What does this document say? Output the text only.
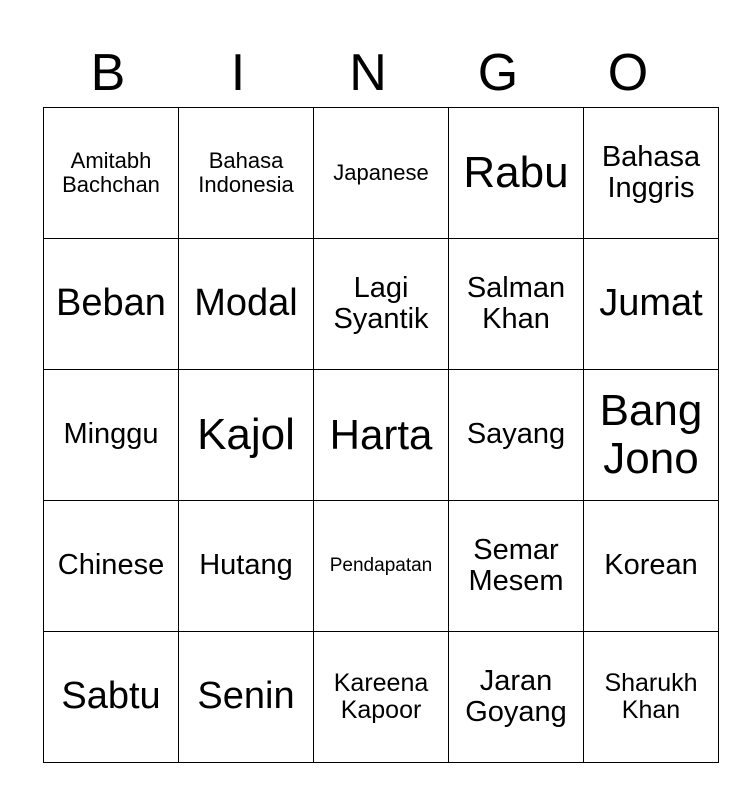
B	I	N	G	O
Amitabh Bachchan	Bahasa Indonesia	Japanese	Rabu	Bahasa Inggris
Beban	Modal	Lagi Syantik	Salman Khan	Jumat
Minggu	Kajol	Harta	Sayang	Bang Jono
Chinese	Hutang	Pendapatan	Semar Mesem	Korean
Sabtu	Senin	Kareena Kapoor	Jaran Goyang	Sharukh Khan
